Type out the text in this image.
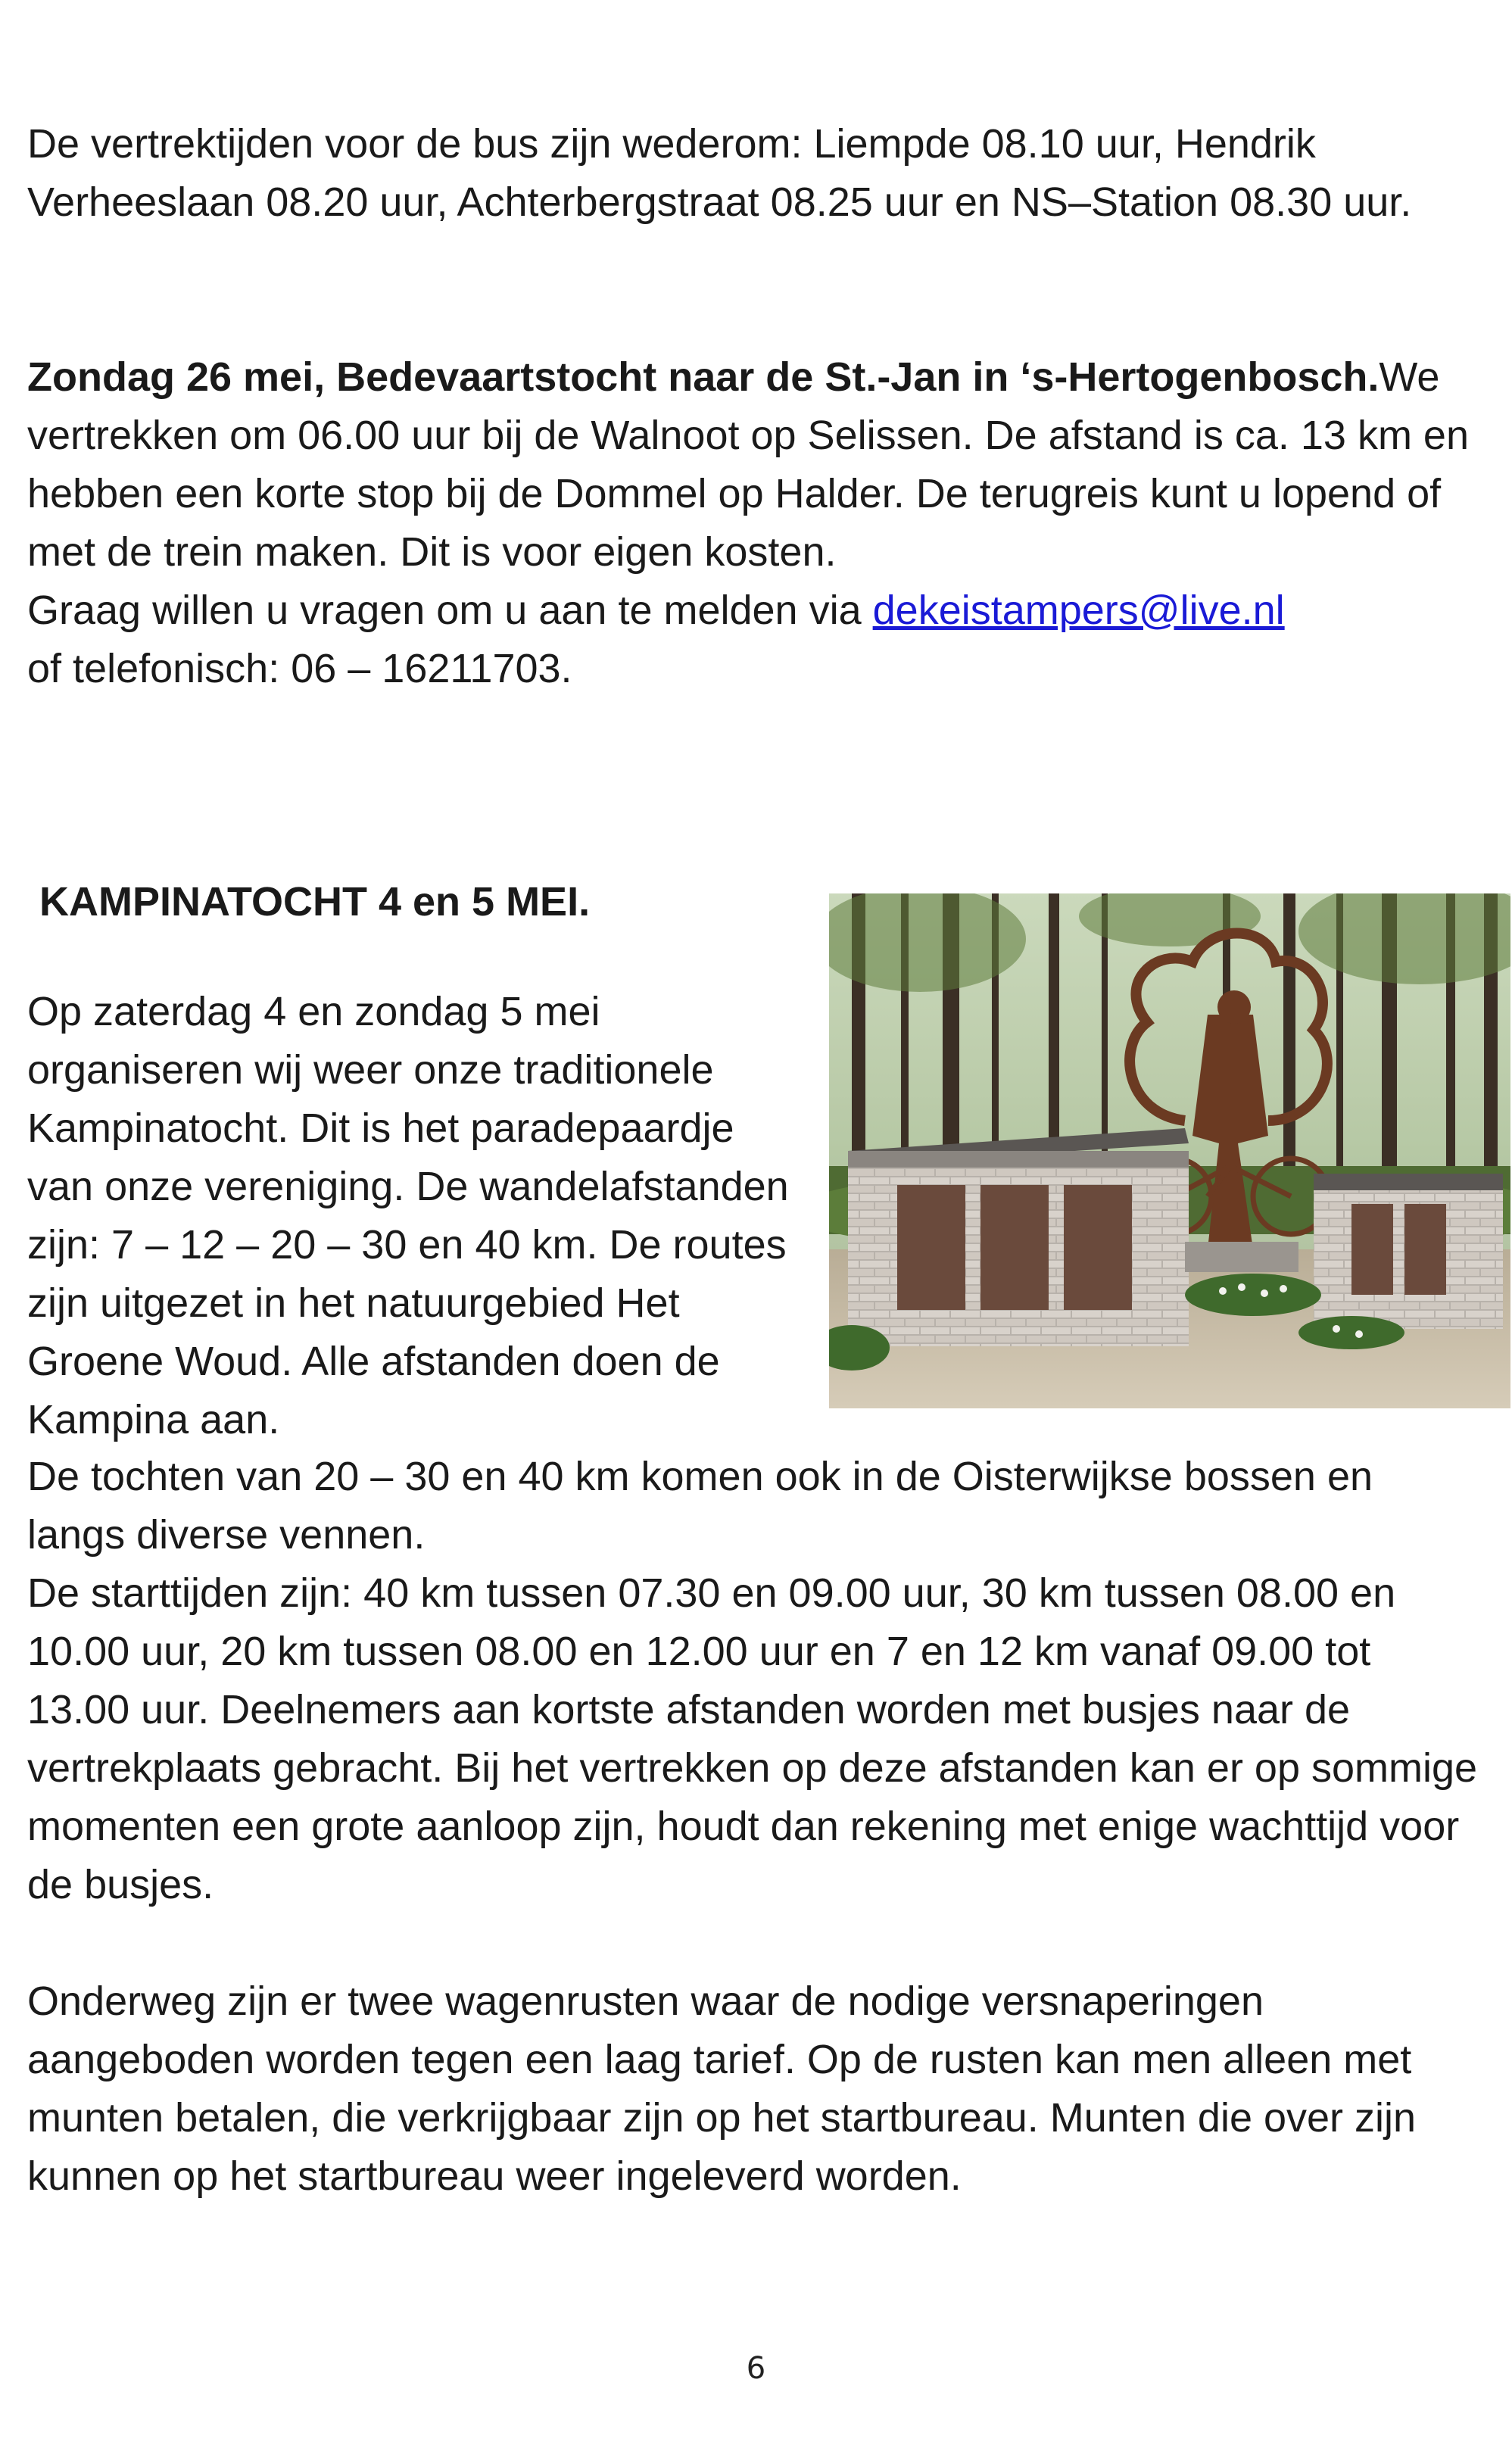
De vertrektijden voor de bus zijn wederom: Liempde 08.10 uur, Hendrik Verheeslaan 08.20 uur, Achterbergstraat 08.25 uur en NS–Station 08.30 uur.

Zondag 26 mei, Bedevaartstocht naar de St.-Jan in ‘s-Hertogenbosch.We vertrekken om 06.00 uur bij de Walnoot op Selissen. De afstand is ca. 13 km en hebben een korte stop bij de Dommel op Halder. De terugreis kunt u lopend of met de trein maken. Dit is voor eigen kosten.

Graag willen u vragen om u aan te melden via dekeistampers@live.nl

of telefonisch: 06 – 16211703.

KAMPINATOCHT 4 en 5 MEI.

Op zaterdag 4 en zondag 5 mei organiseren wij weer onze traditionele Kampinatocht. Dit is het paradepaardje van onze vereniging. De wandelafstanden zijn: 7 – 12 – 20 – 30 en 40 km. De routes zijn uitgezet in het natuurgebied Het Groene Woud. Alle afstanden doen de Kampina aan.

De tochten van 20 – 30 en 40 km komen ook in de Oisterwijkse bossen en langs diverse vennen.

De starttijden zijn: 40 km tussen 07.30 en 09.00 uur, 30 km tussen 08.00 en 10.00 uur, 20 km tussen 08.00 en 12.00 uur en 7 en 12 km vanaf 09.00 tot 13.00 uur. Deelnemers aan kortste afstanden worden met busjes naar de vertrekplaats gebracht. Bij het vertrekken op deze afstanden kan er op sommige momenten een grote aanloop zijn, houdt dan rekening met enige wachttijd voor de busjes.

Onderweg zijn er twee wagenrusten waar de nodige versnaperingen aangeboden worden tegen een laag tarief. Op de rusten kan men alleen met munten betalen, die verkrijgbaar zijn op het startbureau. Munten die over zijn kunnen op het startbureau weer ingeleverd worden.

6
